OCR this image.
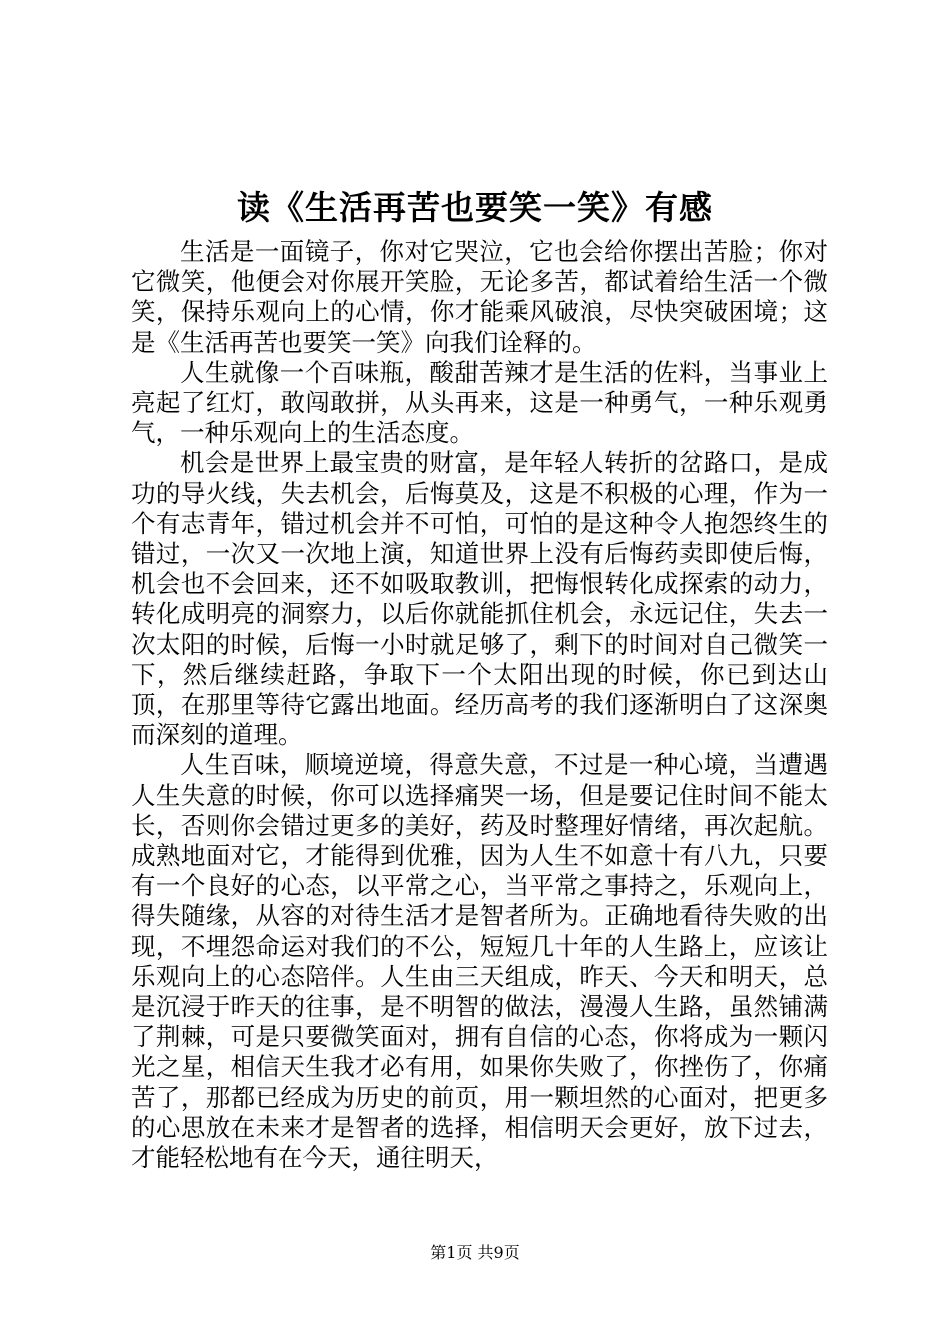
读《生活再苦也要笑一笑》有感

生活是一面镜子，你对它哭泣，它也会给你摆出苦脸；你对它微笑，他便会对你展开笑脸，无论多苦，都试着给生活一个微笑，保持乐观向上的心情，你才能乘风破浪，尽快突破困境；这是《生活再苦也要笑一笑》向我们诠释的。

人生就像一个百味瓶，酸甜苦辣才是生活的佐料，当事业上亮起了红灯，敢闯敢拼，从头再来，这是一种勇气，一种乐观勇气，一种乐观向上的生活态度。

机会是世界上最宝贵的财富，是年轻人转折的岔路口，是成功的导火线，失去机会，后悔莫及，这是不积极的心理，作为一个有志青年，错过机会并不可怕，可怕的是这种令人抱怨终生的错过，一次又一次地上演，知道世界上没有后悔药卖即使后悔，机会也不会回来，还不如吸取教训，把悔恨转化成探索的动力，转化成明亮的洞察力，以后你就能抓住机会，永远记住，失去一次太阳的时候，后悔一小时就足够了，剩下的时间对自己微笑一下，然后继续赶路，争取下一个太阳出现的时候，你已到达山顶，在那里等待它露出地面。经历高考的我们逐渐明白了这深奥而深刻的道理。

人生百味，顺境逆境，得意失意，不过是一种心境，当遭遇人生失意的时候，你可以选择痛哭一场，但是要记住时间不能太长，否则你会错过更多的美好，药及时整理好情绪，再次起航。成熟地面对它，才能得到优雅，因为人生不如意十有八九，只要有一个良好的心态，以平常之心，当平常之事持之，乐观向上，得失随缘，从容的对待生活才是智者所为。正确地看待失败的出现，不埋怨命运对我们的不公，短短几十年的人生路上，应该让乐观向上的心态陪伴。人生由三天组成，昨天、今天和明天，总是沉浸于昨天的往事，是不明智的做法，漫漫人生路，虽然铺满了荆棘，可是只要微笑面对，拥有自信的心态，你将成为一颗闪光之星，相信天生我才必有用，如果你失败了，你挫伤了，你痛苦了，那都已经成为历史的前页，用一颗坦然的心面对，把更多的心思放在未来才是智者的选择，相信明天会更好，放下过去，才能轻松地有在今天，通往明天，

第1页 共9页
